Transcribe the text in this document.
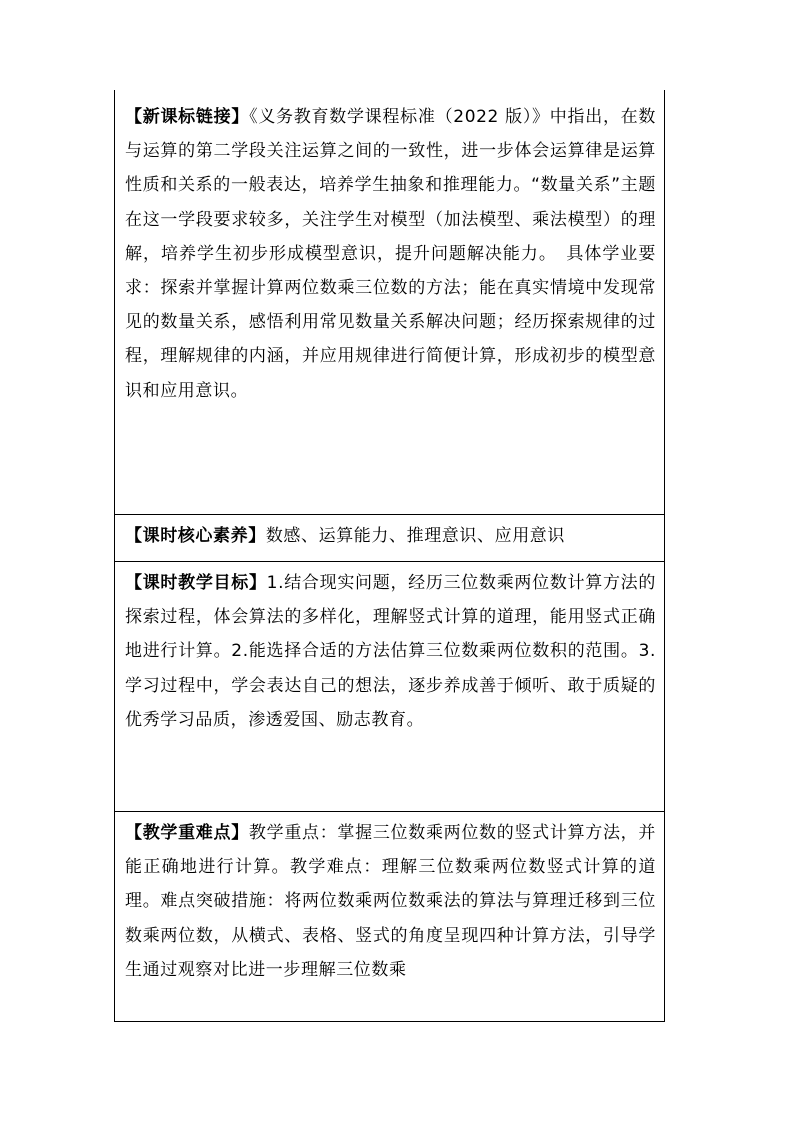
【新课标链接】《义务教育数学课程标准（2022 版）》中指出，在数与运算的第二学段关注运算之间的一致性，进一步体会运算律是运算性质和关系的一般表达，培养学生抽象和推理能力。“数量关系”主题在这一学段要求较多，关注学生对模型（加法模型、乘法模型）的理解，培养学生初步形成模型意识，提升问题解决能力。　具体学业要求：探索并掌握计算两位数乘三位数的方法；能在真实情境中发现常见的数量关系，感悟利用常见数量关系解决问题；经历探索规律的过程，理解规律的内涵，并应用规律进行简便计算，形成初步的模型意识和应用意识。

【课时核心素养】数感、运算能力、推理意识、应用意识

【课时教学目标】1.结合现实问题，经历三位数乘两位数计算方法的探索过程，体会算法的多样化，理解竖式计算的道理，能用竖式正确地进行计算。2.能选择合适的方法估算三位数乘两位数积的范围。3.学习过程中，学会表达自己的想法，逐步养成善于倾听、敢于质疑的优秀学习品质，渗透爱国、励志教育。

【教学重难点】教学重点：掌握三位数乘两位数的竖式计算方法，并能正确地进行计算。教学难点：理解三位数乘两位数竖式计算的道理。难点突破措施：将两位数乘两位数乘法的算法与算理迁移到三位数乘两位数，从横式、表格、竖式的角度呈现四种计算方法，引导学生通过观察对比进一步理解三位数乘
